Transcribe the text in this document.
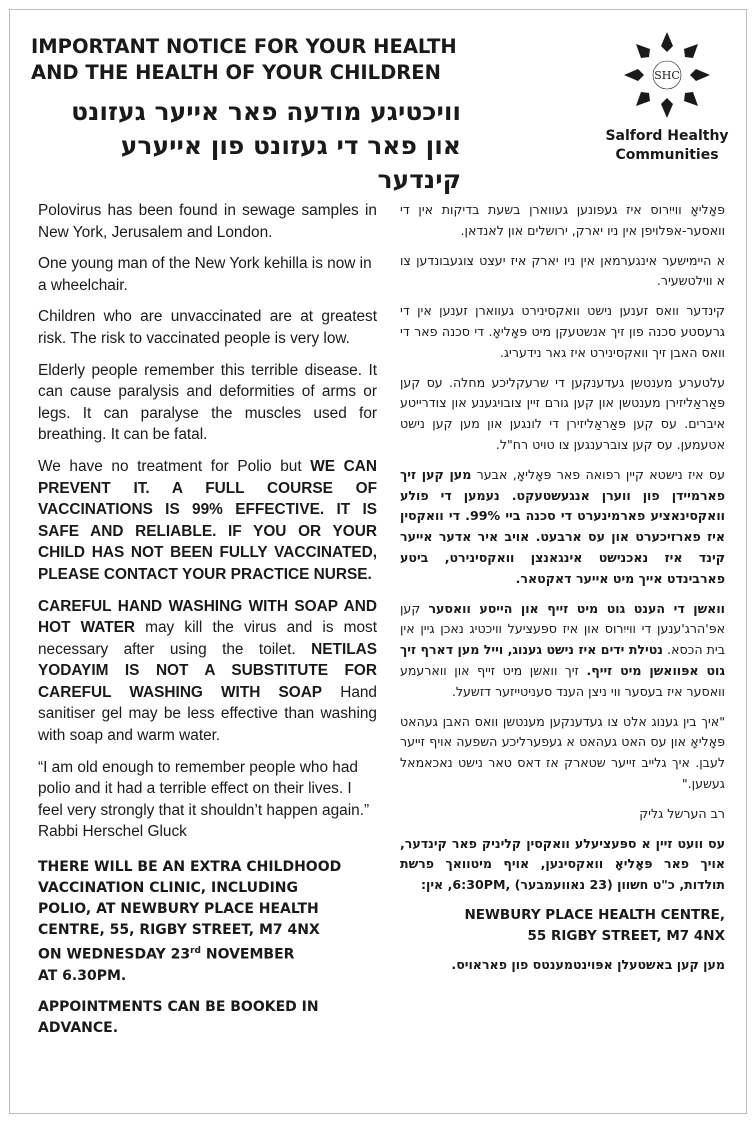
IMPORTANT NOTICE FOR YOUR HEALTH
AND THE HEALTH OF YOUR CHILDREN
וויכטיגע מודעה פאר אייער געזונט
און פאר די געזונט פון אייערע קינדער
SHC
Salford Healthy
Communities

Polovirus has been found in sewage samples in New York, Jerusalem and London.

One young man of the New York kehilla is now in a wheelchair.

Children who are unvaccinated are at greatest risk. The risk to vaccinated people is very low.

Elderly people remember this terrible disease. It can cause paralysis and deformities of arms or legs. It can paralyse the muscles used for breathing. It can be fatal.

We have no treatment for Polio but WE CAN PREVENT IT. A FULL COURSE OF VACCINATIONS IS 99% EFFECTIVE. IT IS SAFE AND RELIABLE. IF YOU OR YOUR CHILD HAS NOT BEEN FULLY VACCINATED, PLEASE CONTACT YOUR PRACTICE NURSE.

CAREFUL HAND WASHING WITH SOAP AND HOT WATER may kill the virus and is most necessary after using the toilet. NETILAS YODAYIM IS NOT A SUBSTITUTE FOR CAREFUL WASHING WITH SOAP Hand sanitiser gel may be less effective than washing with soap and warm water.

“I am old enough to remember people who had polio and it had a terrible effect on their lives. I feel very strongly that it shouldn’t happen again.” Rabbi Herschel Gluck

THERE WILL BE AN EXTRA CHILDHOOD
VACCINATION CLINIC, INCLUDING
POLIO, AT NEWBURY PLACE HEALTH
CENTRE, 55, RIGBY STREET, M7 4NX
ON WEDNESDAY 23rd NOVEMBER
AT 6.30PM.
APPOINTMENTS CAN BE BOOKED IN ADVANCE.

פּאָליאָ ווייִרוס איז געפונען געווארן בשעת בדיקות אין די וואסער-אפּלויפן אין ניו יארק, ירושלים און לאנדאן.

א היימישער אינגערמאן אין ניו יארק איז יעצט צוגעבונדען צו א ווילטשעיר.

קינדער וואס זענען נישט וואקסינירט געווארן זענען אין די גרעסטע סכנה פון זיך אנשטעקן מיט פּאָליאָ. די סכנה פאר די וואס האבן זיך וואקסינירט איז גאר נידעריג.

עלטערע מענטשן געדענקען די שרעקליכע מחלה. עס קען פּאַראַליזירן מענטשן און קען גורם זיין צובויגענע און צודרייטע איברים. עס קען פּאַראַליזירן די לונגען און מען קען נישט אטעמען. עס קען צוברענגען צו טויט רח"ל.

עס איז נישטא קיין רפואה פאר פּאָליאָ, אבער מען קען זיך פארמיידן פון ווערן אנגעשטעקט. נעמען די פולע וואקסינאציע פארמינערט די סכנה ביי 99%. די וואקסין איז פארזיכערט און עס ארבעט. אויב איר אדער אייער קינד איז נאכנישט אינגאנצן וואקסינירט, ביטע פארבינדט אייך מיט אייער דאקטאר.

וואשן די הענט גוט מיט זייף און הייסע וואסער קען אפּ'הרג'ענען די ווייִרוס און איז ספּעציעל וויכטיג נאכן גיין אין בית הכסא. נטילת ידים איז נישט גענוג, וייל מען דארף זיך גוט אפּוואשן מיט זייף. זיך וואשן מיט זייף און ווארעמע וואסער איז בעסער ווי ניצן הענד סעניטייזער דזשעל.

"איך בין גענוג אלט צו געדענקען מענטשן וואס האבן געהאט פּאָליאָ און עס האט געהאט א געפערליכע השפעה אויף זייער לעבן. איך גלייב זייער שטארק אז דאס טאר נישט נאכאמאל געשען."

רב הערשל גליק

עס וועט זיין א ספּעציעלע וואקסין קליניק פאר קינדער, אויך פאר פּאָליאָ וואקסינען, אויף מיטוואך פרשת תולדות, כ"ט חשוון (23 נאוועמבער) ,6:30PM, אין:

NEWBURY PLACE HEALTH CENTRE,
55 RIGBY STREET, M7 4NX

מען קען באשטעלן אפּוינטמענטס פון פאראויס.
